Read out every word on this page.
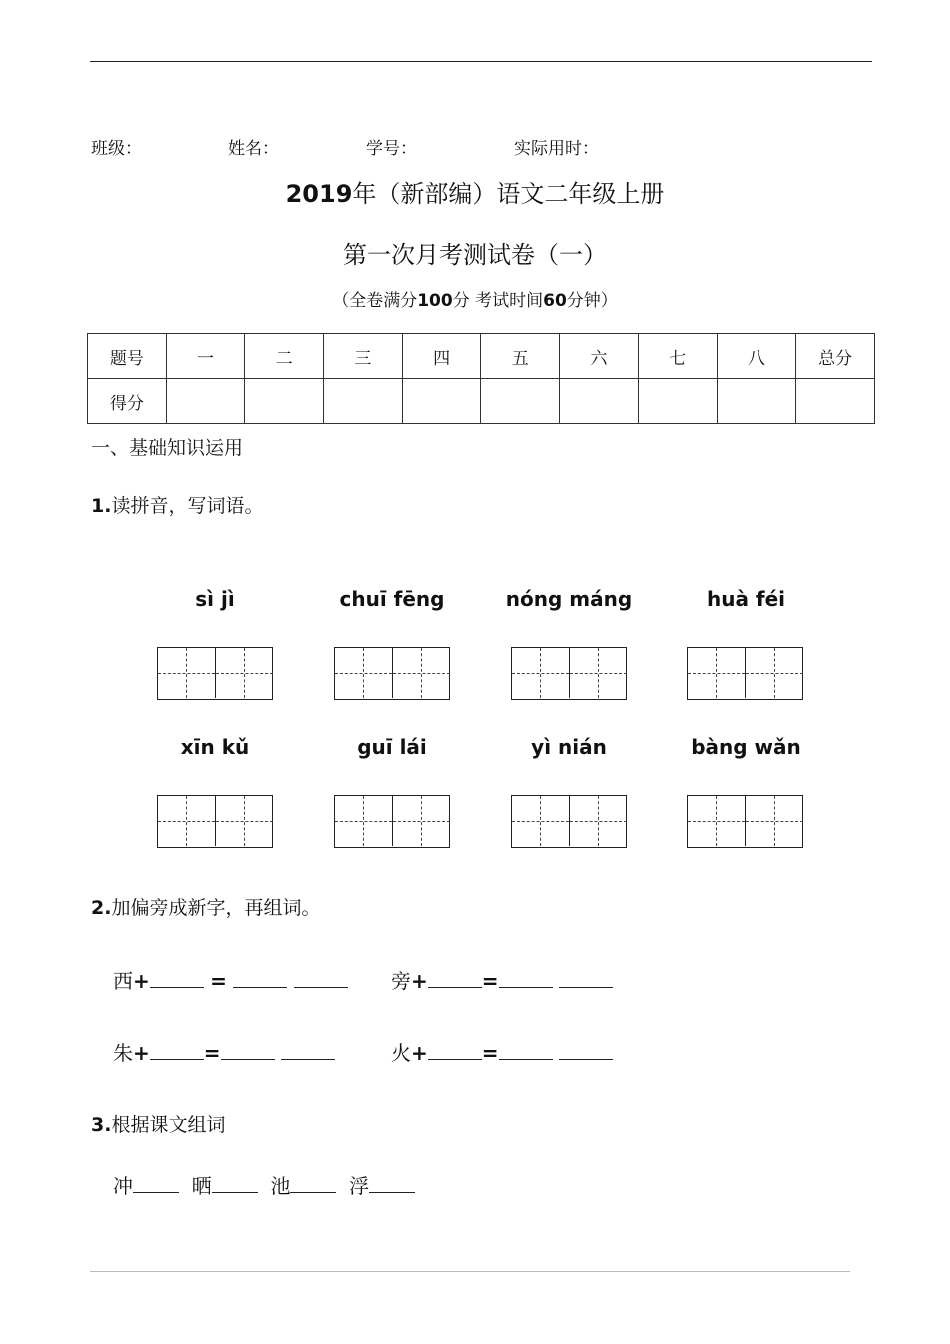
班级：	姓名：	学号：	实际用时：
2019年（新部编）语文二年级上册
第一次月考测试卷（一）
（全卷满分100分 考试时间60分钟）
题号	一	二	三	四	五	六	七	八	总分
得分									
一、基础知识运用
1.读拼音，写词语。
sì jì	chuī fēng	nóng máng	huà féi
xīn kǔ	guī lái	yì nián	bàng wǎn
2.加偏旁成新字，再组词。
西+	=	旁+	=
朱+	=	火+	=
3.根据课文组词
冲	晒	池	浮
